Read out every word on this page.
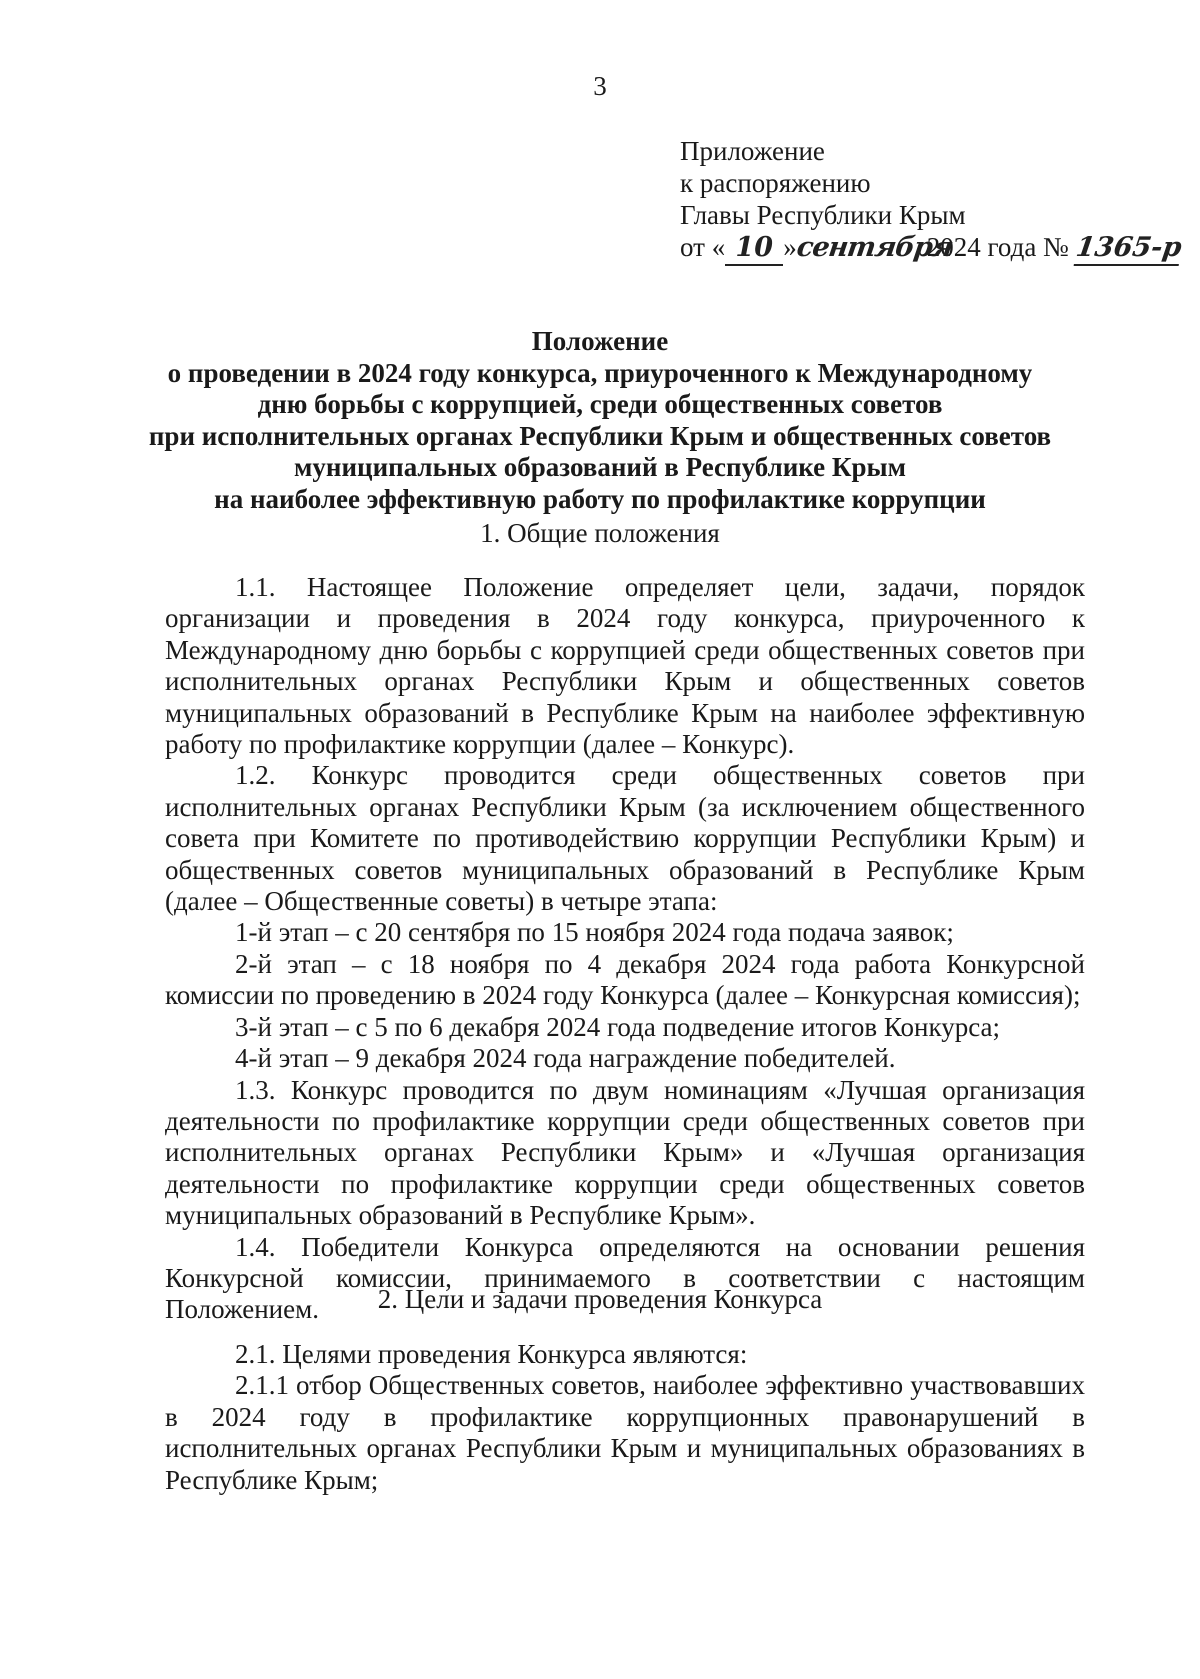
3
Приложение
к распоряжению
Главы Республики Крым
от « 10 »сентября2024 года № 1365-р
Положение
о проведении в 2024 году конкурса, приуроченного к Международному
дню борьбы с коррупцией, среди общественных советов
при исполнительных органах Республики Крым и общественных советов
муниципальных образований в Республике Крым
на наиболее эффективную работу по профилактике коррупции
1. Общие положения

1.1. Настоящее Положение определяет цели, задачи, порядок организации и проведения в 2024 году конкурса, приуроченного к Международному дню борьбы с коррупцией среди общественных советов при исполнительных органах Республики Крым и общественных советов муниципальных образований в Республике Крым на наиболее эффективную работу по профилактике коррупции (далее – Конкурс).

1.2. Конкурс проводится среди общественных советов при исполнительных органах Республики Крым (за исключением общественного совета при Комитете по противодействию коррупции Республики Крым) и общественных советов муниципальных образований в Республике Крым (далее – Общественные советы) в четыре этапа:

1-й этап – с 20 сентября по 15 ноября 2024 года подача заявок;

2-й этап – с 18 ноября по 4 декабря 2024 года работа Конкурсной комиссии по проведению в 2024 году Конкурса (далее – Конкурсная комиссия);

3-й этап – с 5 по 6 декабря 2024 года подведение итогов Конкурса;

4-й этап – 9 декабря 2024 года награждение победителей.

1.3. Конкурс проводится по двум номинациям «Лучшая организация деятельности по профилактике коррупции среди общественных советов при исполнительных органах Республики Крым» и «Лучшая организация деятельности по профилактике коррупции среди общественных советов муниципальных образований в Республике Крым».

1.4. Победители Конкурса определяются на основании решения Конкурсной комиссии, принимаемого в соответствии с настоящим Положением.	2. Цели и задачи проведения Конкурса

2.1. Целями проведения Конкурса являются:

2.1.1 отбор Общественных советов, наиболее эффективно участвовавших в 2024 году в профилактике коррупционных правонарушений в исполнительных органах Республики Крым и муниципальных образованиях в Республике Крым;
